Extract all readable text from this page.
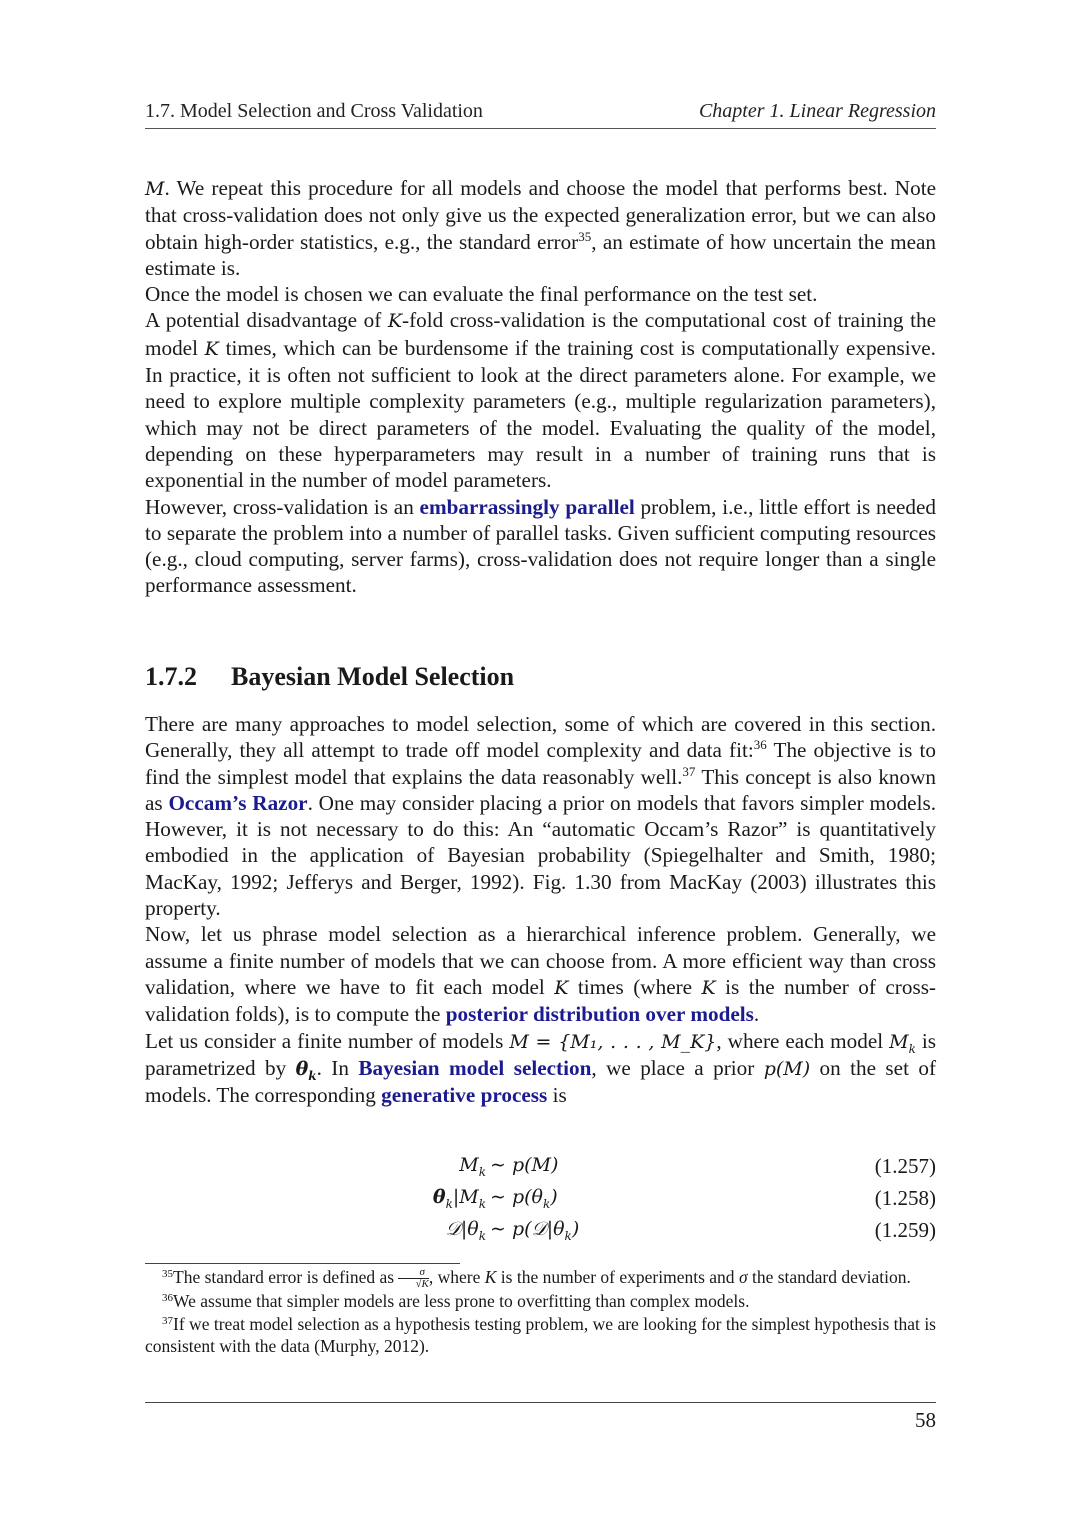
1.7. Model Selection and Cross Validation	Chapter 1. Linear Regression

M. We repeat this procedure for all models and choose the model that performs best. Note that cross-validation does not only give us the expected generalization error, but we can also obtain high-order statistics, e.g., the standard error$^{35}$, an estimate of how uncertain the mean estimate is.

Once the model is chosen we can evaluate the final performance on the test set.

A potential disadvantage of K-fold cross-validation is the computational cost of training the model K times, which can be burdensome if the training cost is computationally expensive. In practice, it is often not sufficient to look at the direct parameters alone. For example, we need to explore multiple complexity parameters (e.g., multiple regularization parameters), which may not be direct parameters of the model. Evaluating the quality of the model, depending on these hyperparameters may result in a number of training runs that is exponential in the number of model parameters.

However, cross-validation is an embarrassingly parallel problem, i.e., little effort is needed to separate the problem into a number of parallel tasks. Given sufficient computing resources (e.g., cloud computing, server farms), cross-validation does not require longer than a single performance assessment.

1.7.2 Bayesian Model Selection

There are many approaches to model selection, some of which are covered in this section. Generally, they all attempt to trade off model complexity and data fit:$^{36}$ The objective is to find the simplest model that explains the data reasonably well.$^{37}$ This concept is also known as Occam’s Razor. One may consider placing a prior on models that favors simpler models. However, it is not necessary to do this: An “automatic Occam’s Razor” is quantitatively embodied in the application of Bayesian probability (Spiegelhalter and Smith, 1980; MacKay, 1992; Jefferys and Berger, 1992). Fig. 1.30 from MacKay (2003) illustrates this property.

Now, let us phrase model selection as a hierarchical inference problem. Generally, we assume a finite number of models that we can choose from. A more efficient way than cross validation, where we have to fit each model K times (where K is the number of cross-validation folds), is to compute the posterior distribution over models.

Let us consider a finite number of models M = {M₁, . . . , M_K}, where each model $M_k$ is parametrized by $\theta_k$. In Bayesian model selection, we place a prior p(M) on the set of models. The corresponding generative process is

$M_k$ ∼ p(M)	(1.257)
$\theta_k|M_k$ ∼ $p(\theta_k)$	(1.258)
$𝒟|\theta_k$ ∼ $p(𝒟|\theta_k)$	(1.259)

$^{35}$The standard error is defined as $\frac{\sigma}{√K}$ , where K is the number of experiments and σ the standard deviation.

$^{36}$We assume that simpler models are less prone to overfitting than complex models.

$^{37}$If we treat model selection as a hypothesis testing problem, we are looking for the simplest hypothesis that is consistent with the data (Murphy, 2012).

58
